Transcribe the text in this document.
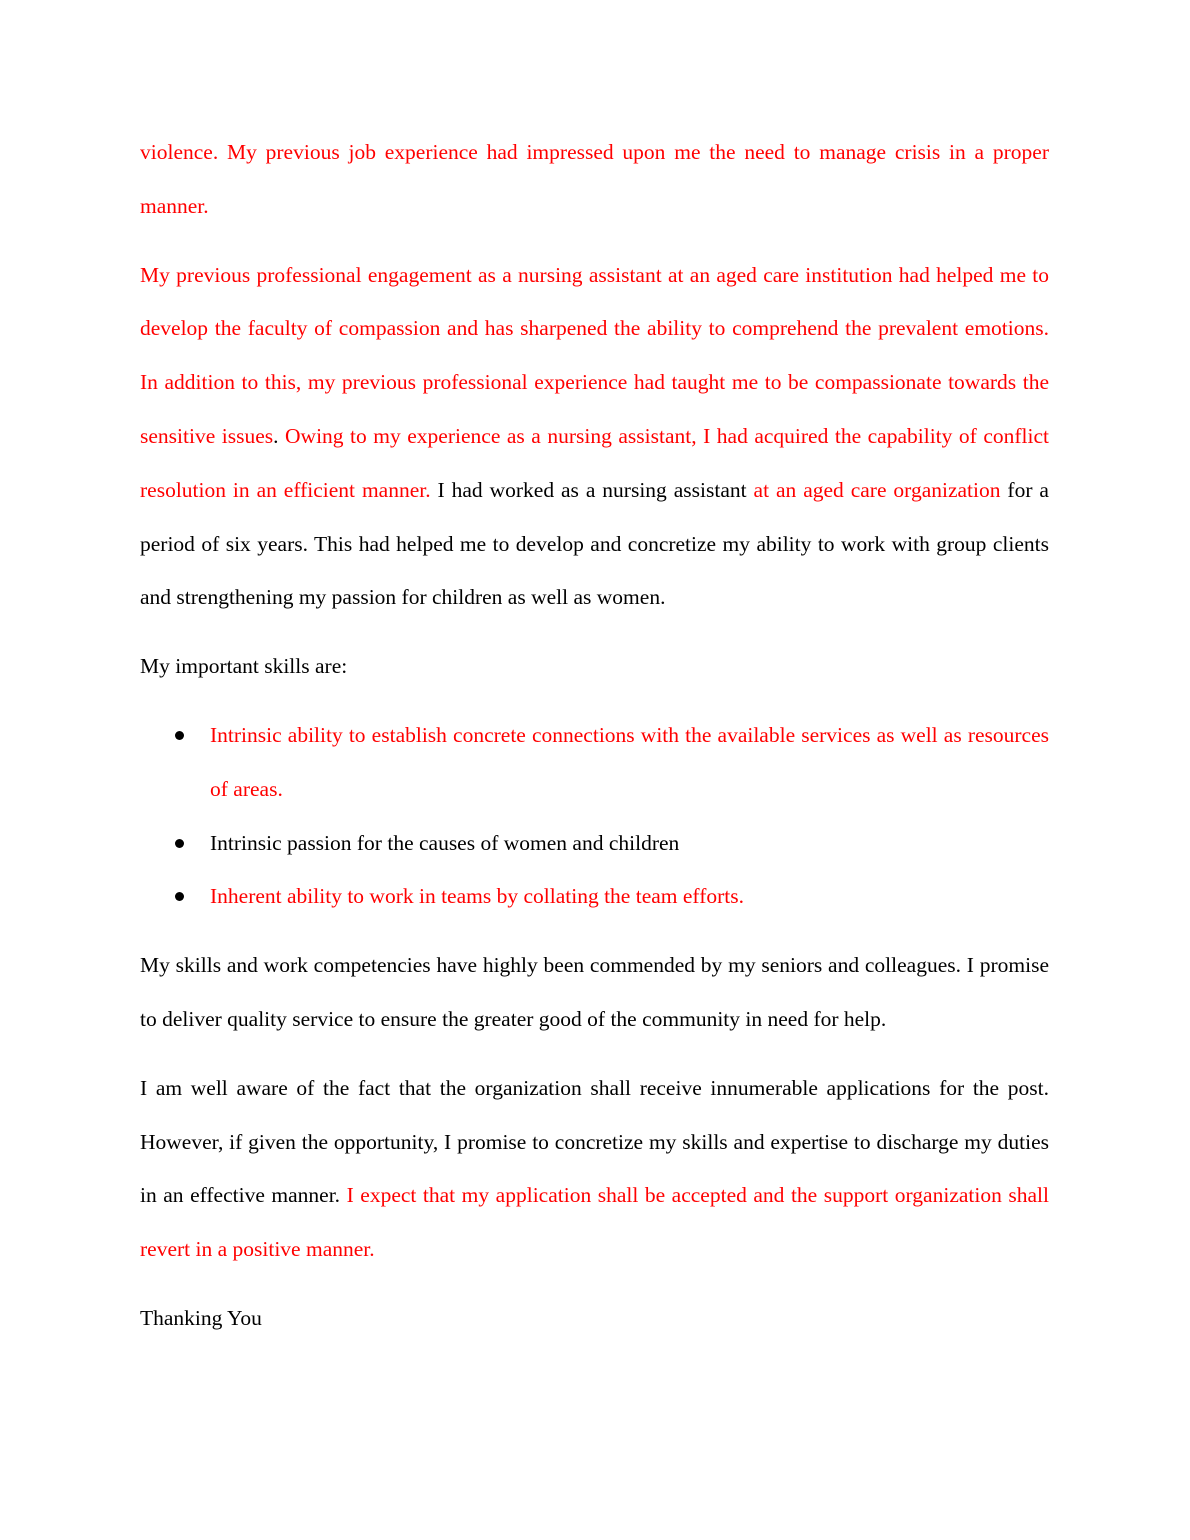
violence. My previous job experience had impressed upon me the need to manage crisis in a proper manner.

My previous professional engagement as a nursing assistant at an aged care institution had helped me to develop the faculty of compassion and has sharpened the ability to comprehend the prevalent emotions. In addition to this, my previous professional experience had taught me to be compassionate towards the sensitive issues. Owing to my experience as a nursing assistant, I had acquired the capability of conflict resolution in an efficient manner. I had worked as a nursing assistant at an aged care organization for a period of six years. This had helped me to develop and concretize my ability to work with group clients and strengthening my passion for children as well as women.

My important skills are:

Intrinsic ability to establish concrete connections with the available services as well as resources of areas.
Intrinsic passion for the causes of women and children
Inherent ability to work in teams by collating the team efforts.

My skills and work competencies have highly been commended by my seniors and colleagues. I promise to deliver quality service to ensure the greater good of the community in need for help.

I am well aware of the fact that the organization shall receive innumerable applications for the post. However, if given the opportunity, I promise to concretize my skills and expertise to discharge my duties in an effective manner. I expect that my application shall be accepted and the support organization shall revert in a positive manner.

Thanking You
